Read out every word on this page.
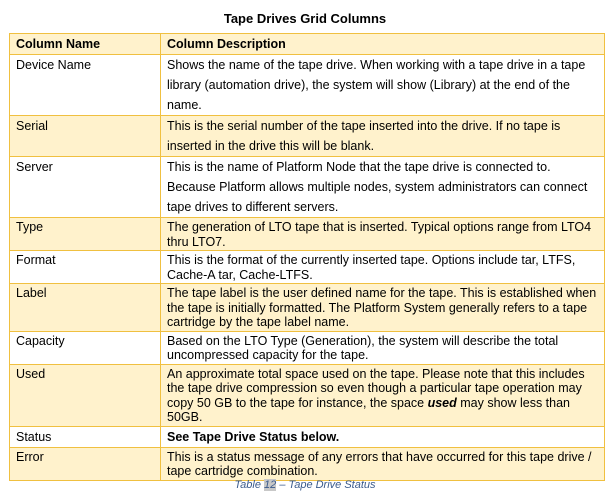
Tape Drives Grid Columns
Column Name	Column Description
Device Name	Shows the name of the tape drive. When working with a tape drive in a tape library (automation drive), the system will show (Library) at the end of the name.
Serial	This is the serial number of the tape inserted into the drive. If no tape is inserted in the drive this will be blank.
Server	This is the name of Platform Node that the tape drive is connected to. Because Platform allows multiple nodes, system administrators can connect tape drives to different servers.
Type	The generation of LTO tape that is inserted. Typical options range from LTO4 thru LTO7.
Format	This is the format of the currently inserted tape. Options include tar, LTFS, Cache-A tar, Cache-LTFS.
Label	The tape label is the user defined name for the tape. This is established when the tape is initially formatted. The Platform System generally refers to a tape cartridge by the tape label name.
Capacity	Based on the LTO Type (Generation), the system will describe the total uncompressed capacity for the tape.
Used	An approximate total space used on the tape. Please note that this includes the tape drive compression so even though a particular tape operation may copy 50 GB to the tape for instance, the space used may show less than 50GB.
Status	See Tape Drive Status below.
Error	This is a status message of any errors that have occurred for this tape drive / tape cartridge combination.
Table 12 – Tape Drive Status
